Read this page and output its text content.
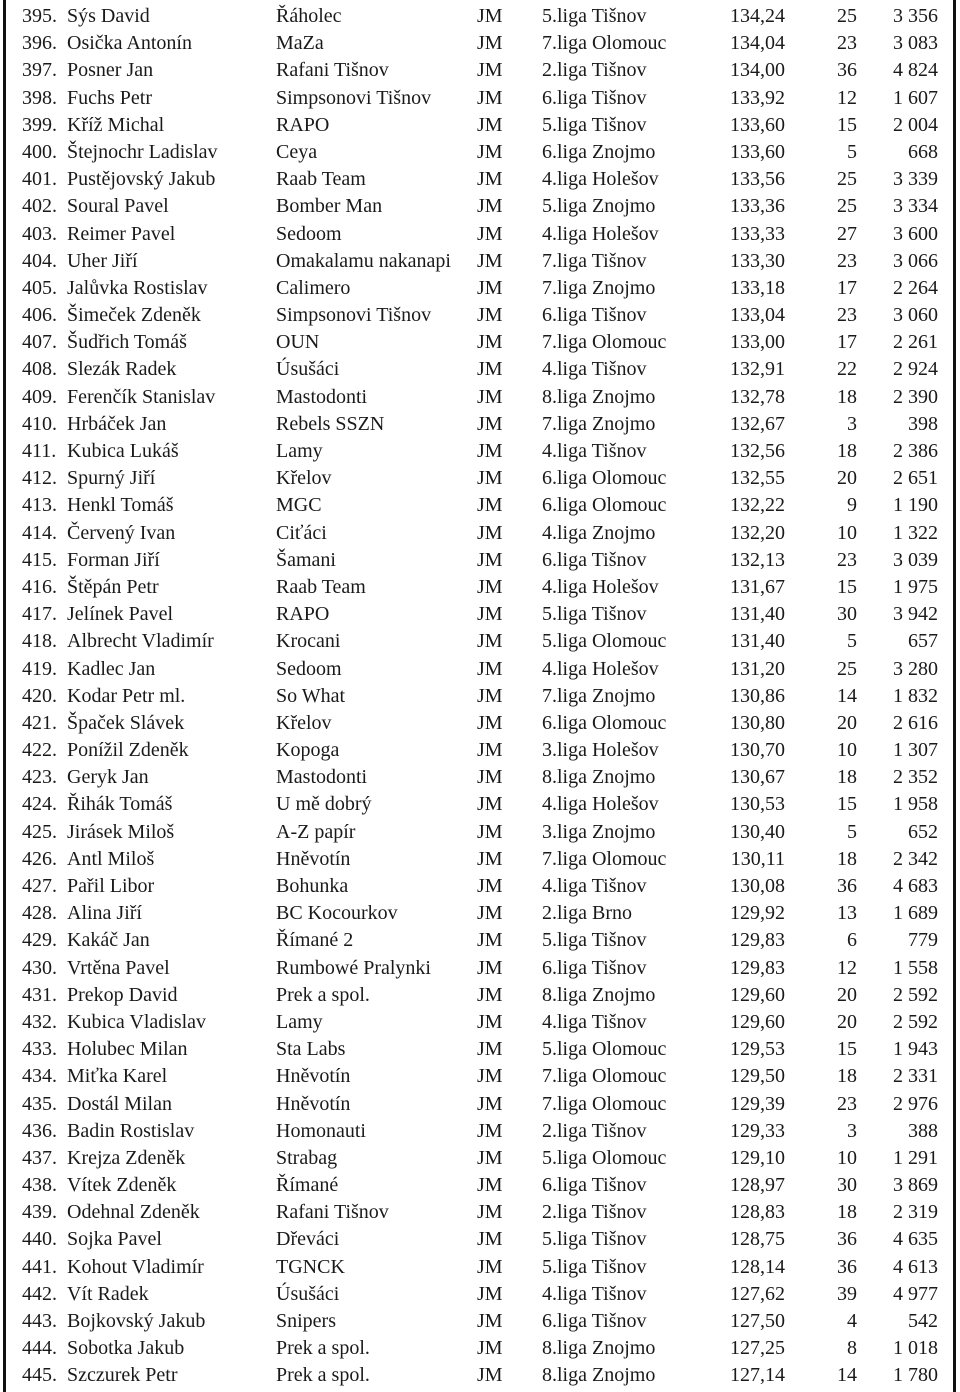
395. Sýs David	Řáholec	JM 5.liga Tišnov	134,24	25 3 356
396. Osička Antonín	MaZa	JM 7.liga Olomouc	134,04	23 3 083
397. Posner Jan	Rafani Tišnov	JM 2.liga Tišnov	134,00	36 4 824
398. Fuchs Petr	Simpsonovi Tišnov JM 6.liga Tišnov	133,92	12 1 607
399. Kříž Michal	RAPO	JM 5.liga Tišnov	133,60	15 2 004
400. Štejnochr Ladislav	Ceya	JM 6.liga Znojmo	133,60	5	668
401. Pustějovský Jakub	Raab Team	JM 4.liga Holešov	133,56	25 3 339
402. Soural Pavel	Bomber Man	JM 5.liga Znojmo	133,36	25 3 334
403. Reimer Pavel	Sedoom	JM 4.liga Holešov	133,33	27 3 600
404. Uher Jiří	Omakalamu nakanapi JM 7.liga Tišnov	133,30	23 3 066
405. Jalůvka Rostislav	Calimero	JM 7.liga Znojmo	133,18	17 2 264
406. Šimeček Zdeněk	Simpsonovi Tišnov JM 6.liga Tišnov	133,04	23 3 060
407. Šudřich Tomáš	OUN	JM 7.liga Olomouc	133,00	17 2 261
408. Slezák Radek	Úsušáci	JM 4.liga Tišnov	132,91	22 2 924
409. Ferenčík Stanislav	Mastodonti	JM 8.liga Znojmo	132,78	18 2 390
410. Hrbáček Jan	Rebels SSZN	JM 7.liga Znojmo	132,67	3	398
411. Kubica Lukáš	Lamy	JM 4.liga Tišnov	132,56	18 2 386
412. Spurný Jiří	Křelov	JM 6.liga Olomouc	132,55	20 2 651
413. Henkl Tomáš	MGC	JM 6.liga Olomouc	132,22	9 1 190
414. Červený Ivan	Ciťáci	JM 4.liga Znojmo	132,20	10 1 322
415. Forman Jiří	Šamani	JM 6.liga Tišnov	132,13	23 3 039
416. Štěpán Petr	Raab Team	JM 4.liga Holešov	131,67	15 1 975
417. Jelínek Pavel	RAPO	JM 5.liga Tišnov	131,40	30 3 942
418. Albrecht Vladimír	Krocani	JM 5.liga Olomouc	131,40	5	657
419. Kadlec Jan	Sedoom	JM 4.liga Holešov	131,20	25 3 280
420. Kodar Petr ml.	So What	JM 7.liga Znojmo	130,86	14 1 832
421. Špaček Slávek	Křelov	JM 6.liga Olomouc	130,80	20 2 616
422. Ponížil Zdeněk	Kopoga	JM 3.liga Holešov	130,70	10 1 307
423. Geryk Jan	Mastodonti	JM 8.liga Znojmo	130,67	18 2 352
424. Řihák Tomáš	U mě dobrý	JM 4.liga Holešov	130,53	15 1 958
425. Jirásek Miloš	A-Z papír	JM 3.liga Znojmo	130,40	5	652
426. Antl Miloš	Hněvotín	JM 7.liga Olomouc	130,11	18 2 342
427. Pařil Libor	Bohunka	JM 4.liga Tišnov	130,08	36 4 683
428. Alina Jiří	BC Kocourkov	JM 2.liga Brno	129,92	13 1 689
429. Kakáč Jan	Římané 2	JM 5.liga Tišnov	129,83	6	779
430. Vrtěna Pavel	Rumbowé Pralynki JM 6.liga Tišnov	129,83	12 1 558
431. Prekop David	Prek a spol.	JM 8.liga Znojmo	129,60	20 2 592
432. Kubica Vladislav	Lamy	JM 4.liga Tišnov	129,60	20 2 592
433. Holubec Milan	Sta Labs	JM 5.liga Olomouc	129,53	15 1 943
434. Miťka Karel	Hněvotín	JM 7.liga Olomouc	129,50	18 2 331
435. Dostál Milan	Hněvotín	JM 7.liga Olomouc	129,39	23 2 976
436. Badin Rostislav	Homonauti	JM 2.liga Tišnov	129,33	3	388
437. Krejza Zdeněk	Strabag	JM 5.liga Olomouc	129,10	10 1 291
438. Vítek Zdeněk	Římané	JM 6.liga Tišnov	128,97	30 3 869
439. Odehnal Zdeněk	Rafani Tišnov	JM 2.liga Tišnov	128,83	18 2 319
440. Sojka Pavel	Dřeváci	JM 5.liga Tišnov	128,75	36 4 635
441. Kohout Vladimír	TGNCK	JM 5.liga Tišnov	128,14	36 4 613
442. Vít Radek	Úsušáci	JM 4.liga Tišnov	127,62	39 4 977
443. Bojkovský Jakub	Snipers	JM 6.liga Tišnov	127,50	4	542
444. Sobotka Jakub	Prek a spol.	JM 8.liga Znojmo	127,25	8 1 018
445. Szczurek Petr	Prek a spol.	JM 8.liga Znojmo	127,14	14 1 780
